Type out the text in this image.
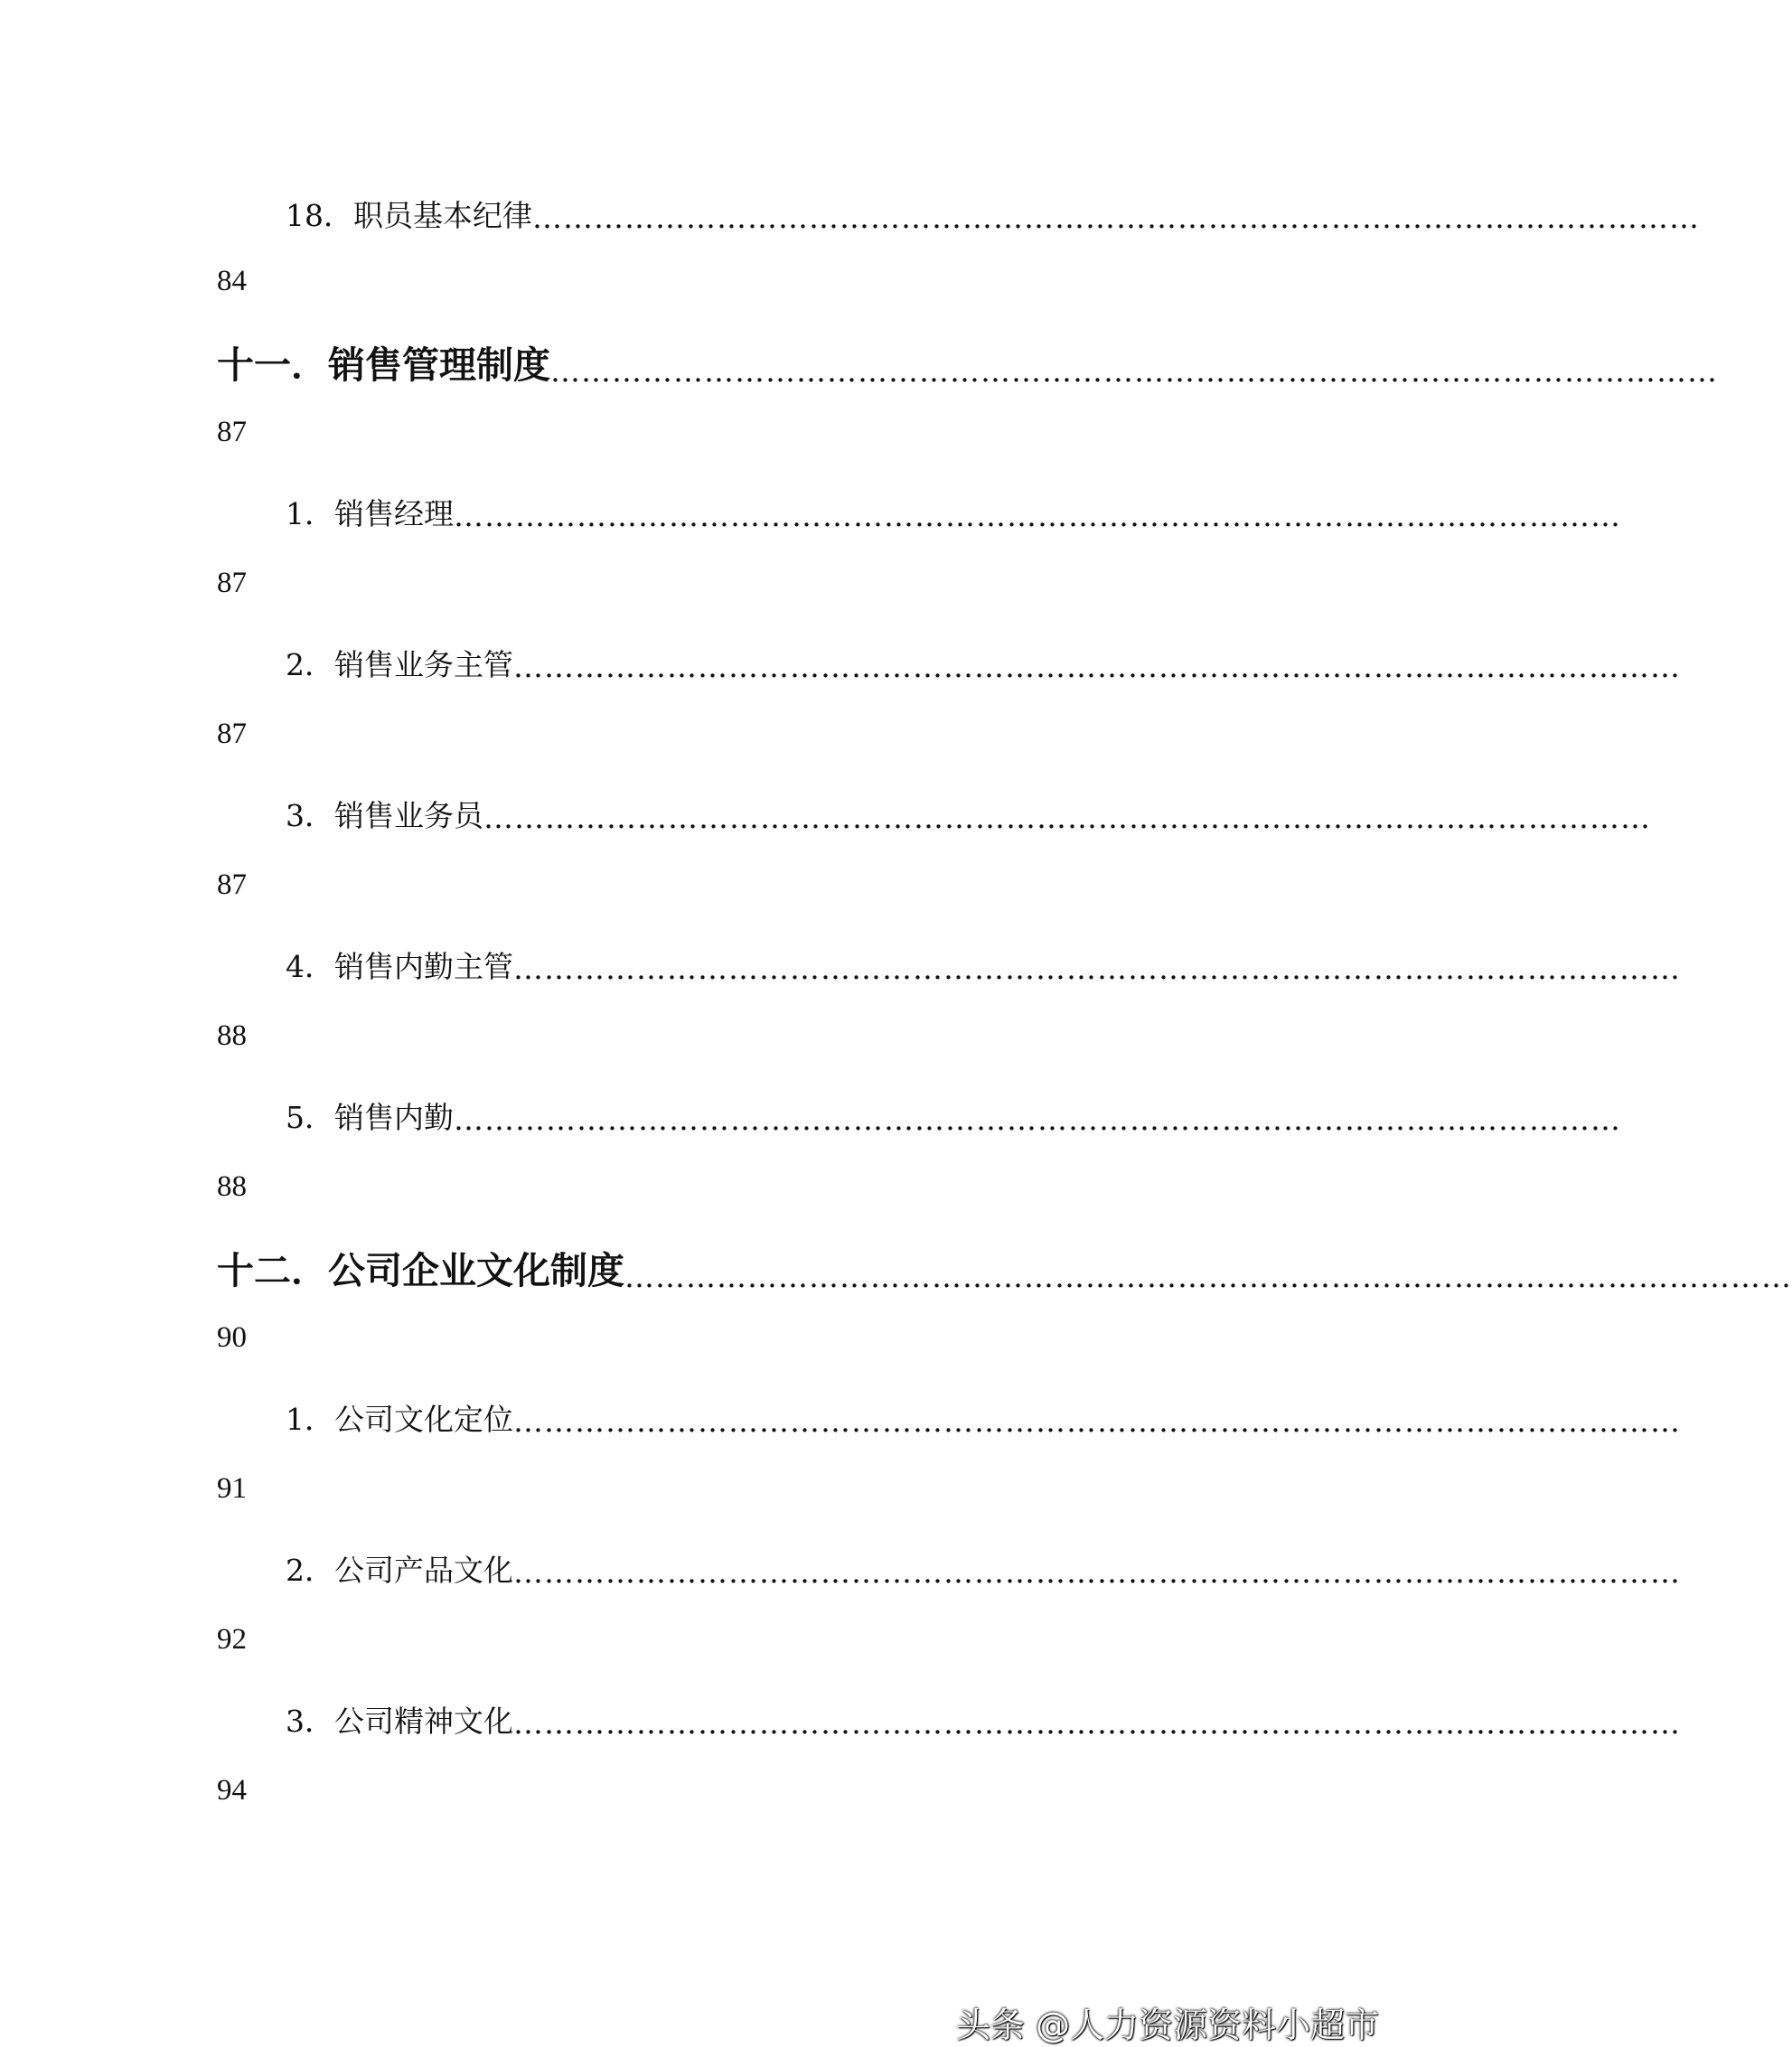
18．职员基本纪律 ……………………………………………………………………………………………………
84
十一．销售管理制度 ……………………………………………………………………………………………………
87
1．销售经理 ……………………………………………………………………………………………………
87
2．销售业务主管 ……………………………………………………………………………………………………
87
3．销售业务员 ……………………………………………………………………………………………………
87
4．销售内勤主管 ……………………………………………………………………………………………………
88
5．销售内勤 ……………………………………………………………………………………………………
88
十二．公司企业文化制度 ……………………………………………………………………………………………………
90
1．公司文化定位 ……………………………………………………………………………………………………
91
2．公司产品文化 ……………………………………………………………………………………………………
92
3．公司精神文化 ……………………………………………………………………………………………………
94
头条 @人力资源资料小超市
